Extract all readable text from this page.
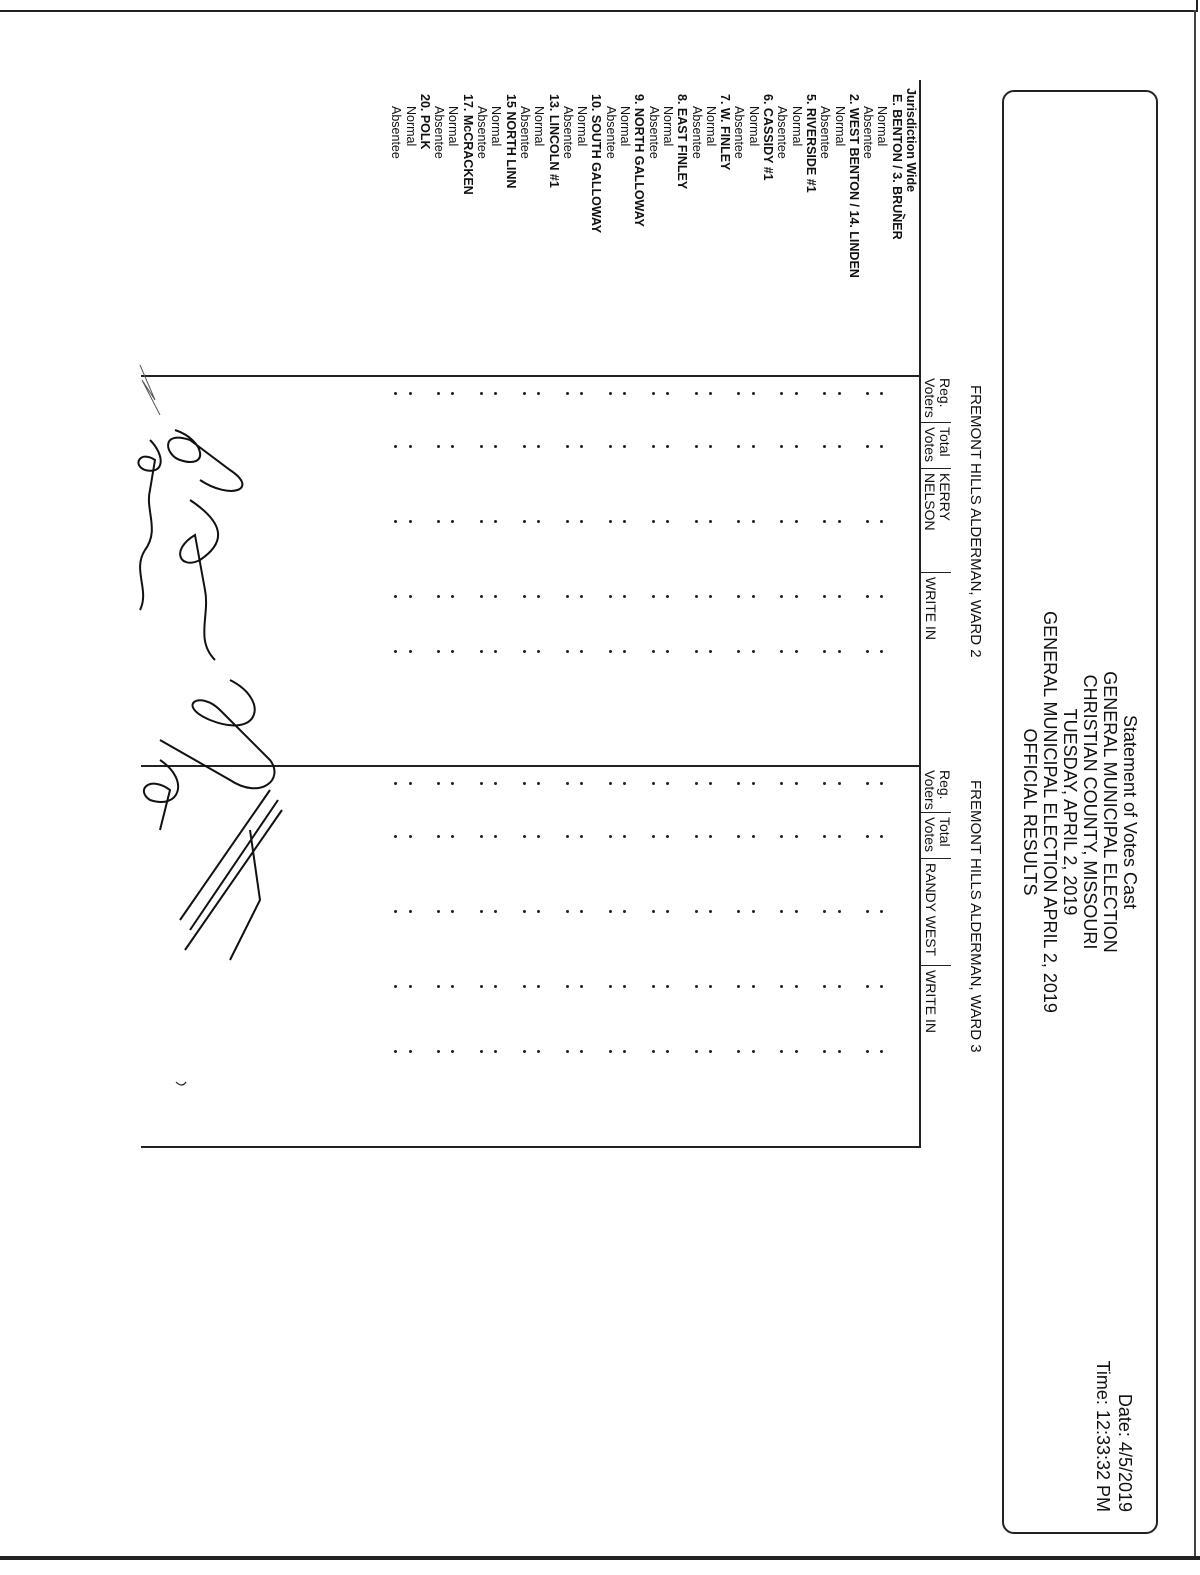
Statement of Votes Cast
GENERAL MUNICIPAL ELECTION
CHRISTIAN COUNTY, MISSOURI
TUESDAY, APRIL 2, 2019
GENERAL MUNICIPAL ELECTION APRIL 2, 2019
OFFICIAL RESULTS
Date: 4/5/2019
Time: 12:33:32 PM
FREMONT HILLS ALDERMAN, WARD 2
FREMONT HILLS ALDERMAN, WARD 3
Reg.
Voters
Total
Votes
KERRY
NELSON
WRITE IN
Reg.
Voters
Total
Votes
RANDY WEST
WRITE IN
Jurisdiction Wide
E. BENTON / 3. BRUNER
Normal
Absentee
2. WEST BENTON / 14. LINDEN
Normal
Absentee
5. RIVERSIDE #1
Normal
Absentee
6. CASSIDY #1
Normal
Absentee
7. W. FINLEY
Normal
Absentee
8. EAST FINLEY
Normal
Absentee
9. NORTH GALLOWAY
Normal
Absentee
10. SOUTH GALLOWAY
Normal
Absentee
13. LINCOLN #1
Normal
Absentee
15 NORTH LINN
Normal
Absentee
17. McCRACKEN
Normal
Absentee
20. POLK
Normal
Absentee
